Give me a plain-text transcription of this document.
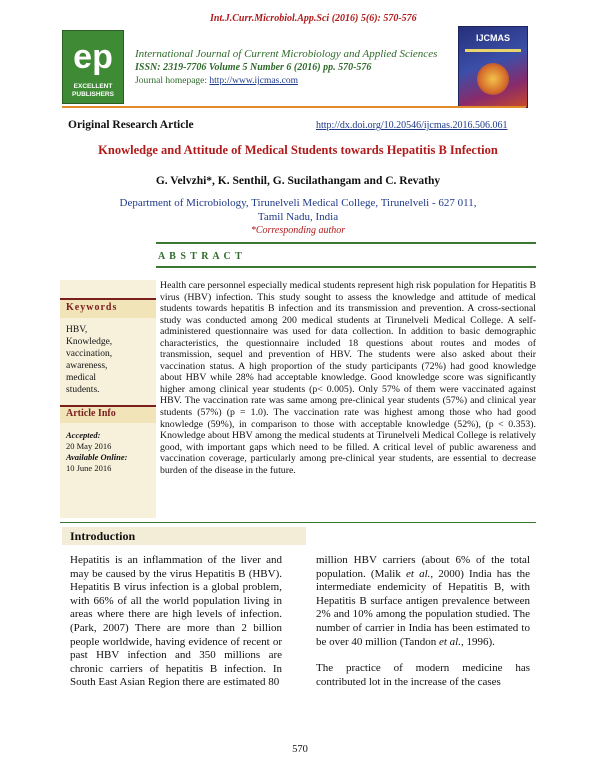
Int.J.Curr.Microbiol.App.Sci (2016) 5(6): 570-576
ep
EXCELLENT PUBLISHERS
International Journal of Current Microbiology and Applied Sciences
ISSN: 2319-7706 Volume 5 Number 6 (2016) pp. 570-576
Journal homepage: http://www.ijcmas.com
IJCMAS
Original Research Article	http://dx.doi.org/10.20546/ijcmas.2016.506.061
Knowledge and Attitude of Medical Students towards Hepatitis B Infection
G. Velvzhi*, K. Senthil, G. Sucilathangam and C. Revathy
Department of Microbiology, Tirunelveli Medical College, Tirunelveli - 627 011,
Tamil Nadu, India
*Corresponding author
A B S T R A C T
Keywords
HBV,
Knowledge,
vaccination,
awareness,
medical
students.
Article Info
Accepted:
20 May 2016
Available Online:
10 June 2016
Health care personnel especially medical students represent high risk population for Hepatitis B virus (HBV) infection. This study sought to assess the knowledge and attitude of medical students towards hepatitis B infection and its transmission and prevention. A cross-sectional study was conducted among 200 medical students at Tirunelveli Medical College. A self-administered questionnaire was used for data collection. In addition to basic demographic characteristics, the questionnaire included 18 questions about routes and modes of transmission, sequel and prevention of HBV. The students were also asked about their vaccination status. A high proportion of the study participants (72%) had good knowledge about HBV while 28% had acceptable knowledge. Good knowledge score was significantly higher among clinical year students (p< 0.005). Only 57% of them were vaccinated against HBV. The vaccination rate was same among pre-clinical year students (57%) and clinical year students (57%) (p = 1.0). The vaccination rate was highest among those who had good knowledge (59%), in comparison to those with acceptable knowledge (52%), (p < 0.353). Knowledge about HBV among the medical students at Tirunelveli Medical College is relatively good, with important gaps which need to be filled. A critical level of public awareness and vaccination coverage, particularly among pre-clinical year students, are essential to decrease burden of the disease in the future.
Introduction

Hepatitis is an inflammation of the liver and may be caused by the virus Hepatitis B (HBV). Hepatitis B virus infection is a global problem, with 66% of all the world population living in areas where there are high levels of infection. (Park, 2007) There are more than 2 billion people worldwide, having evidence of recent or past HBV infection and 350 millions are chronic carriers of hepatitis B infection. In South East Asian Region there are estimated 80

million HBV carriers (about 6% of the total population. (Malik et al., 2000) India has the intermediate endemicity of Hepatitis B, with Hepatitis B surface antigen prevalence between 2% and 10% among the population studied. The number of carrier in India has been estimated to be over 40 million (Tandon et al., 1996).

The practice of modern medicine has contributed lot in the increase of the cases

570
